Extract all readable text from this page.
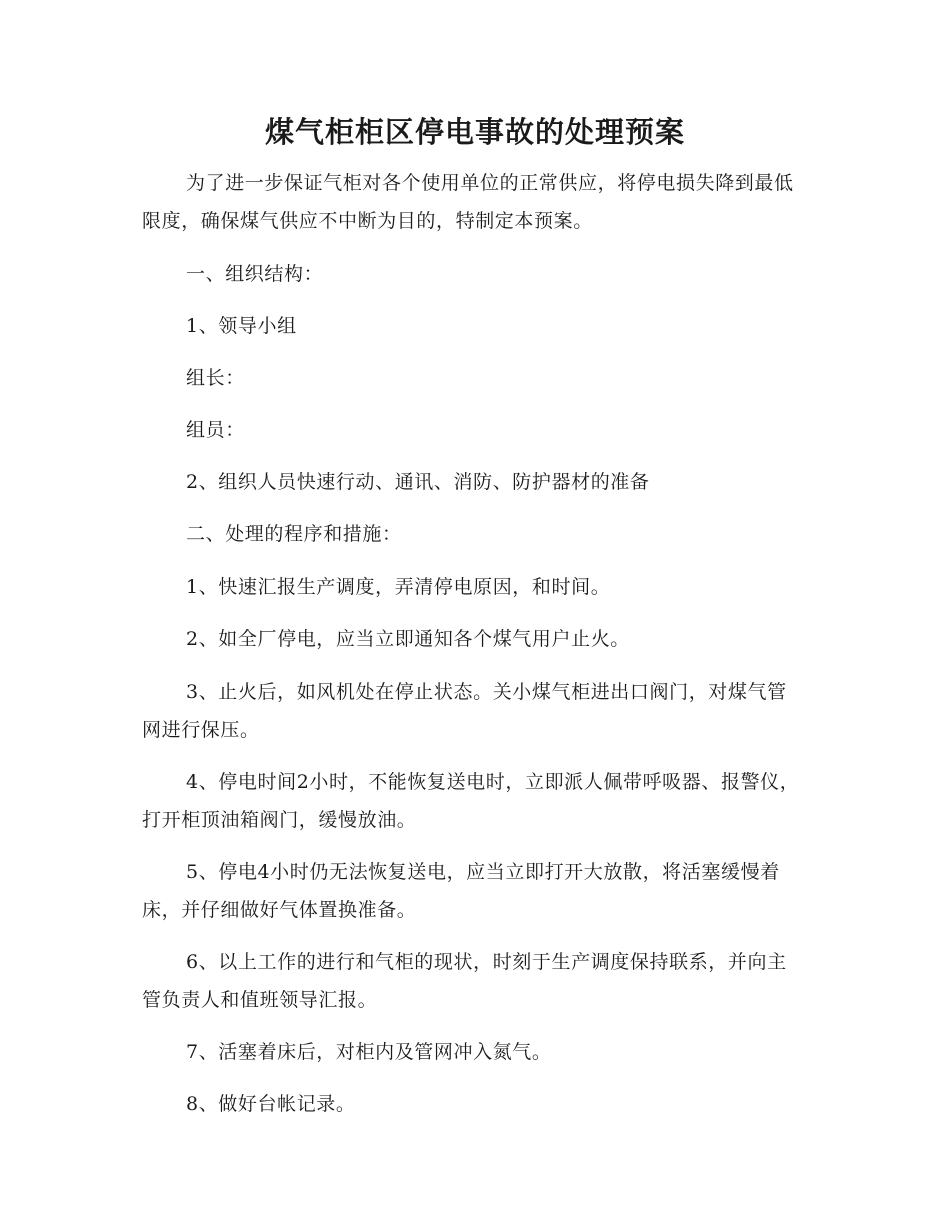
煤气柜柜区停电事故的处理预案
为了进一步保证气柜对各个使用单位的正常供应，将停电损失降到最低限度，确保煤气供应不中断为目的，特制定本预案。
一、组织结构：
1、领导小组
组长：
组员：
2、组织人员快速行动、通讯、消防、防护器材的准备
二、处理的程序和措施：
1、快速汇报生产调度，弄清停电原因，和时间。
2、如全厂停电，应当立即通知各个煤气用户止火。
3、止火后，如风机处在停止状态。关小煤气柜进出口阀门，对煤气管网进行保压。
4、停电时间2小时，不能恢复送电时，立即派人佩带呼吸器、报警仪，打开柜顶油箱阀门，缓慢放油。
5、停电4小时仍无法恢复送电，应当立即打开大放散，将活塞缓慢着床，并仔细做好气体置换准备。
6、以上工作的进行和气柜的现状，时刻于生产调度保持联系，并向主管负责人和值班领导汇报。
7、活塞着床后，对柜内及管网冲入氮气。
8、做好台帐记录。
